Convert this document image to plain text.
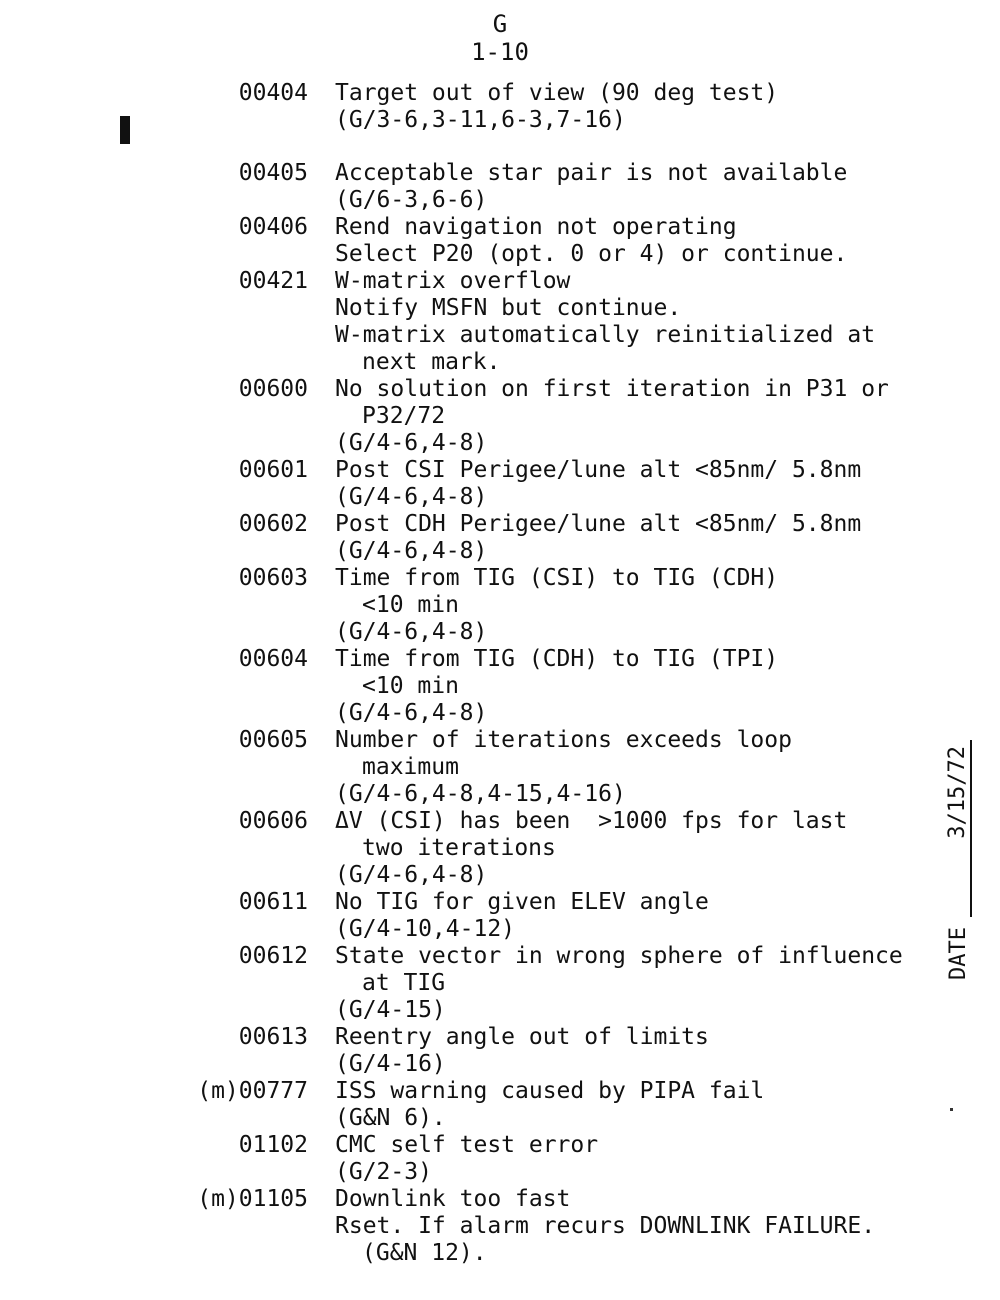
G
1-10
00404	Target out of view (90 deg test)
(G/3-6,3-11,6-3,7-16)
00405	Acceptable star pair is not available
(G/6-3,6-6)
00406	Rend navigation not operating
Select P20 (opt. 0 or 4) or continue.
00421	W-matrix overflow
Notify MSFN but continue.
W-matrix automatically reinitialized at
next mark.
00600	No solution on first iteration in P31 or
P32/72
(G/4-6,4-8)
00601	Post CSI Perigee/lune alt <85nm/ 5.8nm
(G/4-6,4-8)
00602	Post CDH Perigee/lune alt <85nm/ 5.8nm
(G/4-6,4-8)
00603	Time from TIG (CSI) to TIG (CDH)
<10 min
(G/4-6,4-8)
00604	Time from TIG (CDH) to TIG (TPI)
<10 min
(G/4-6,4-8)
00605	Number of iterations exceeds loop
maximum
(G/4-6,4-8,4-15,4-16)
00606	ΔV (CSI) has been  >1000 fps for last
two iterations
(G/4-6,4-8)
00611	No TIG for given ELEV angle
(G/4-10,4-12)
00612	State vector in wrong sphere of influence
at TIG
(G/4-15)
00613	Reentry angle out of limits
(G/4-16)
(m)00777	ISS warning caused by PIPA fail
(G&N 6).
01102	CMC self test error
(G/2-3)
(m)01105	Downlink too fast
Rset. If alarm recurs DOWNLINK FAILURE.
(G&N 12).
DATE
3/15/72
